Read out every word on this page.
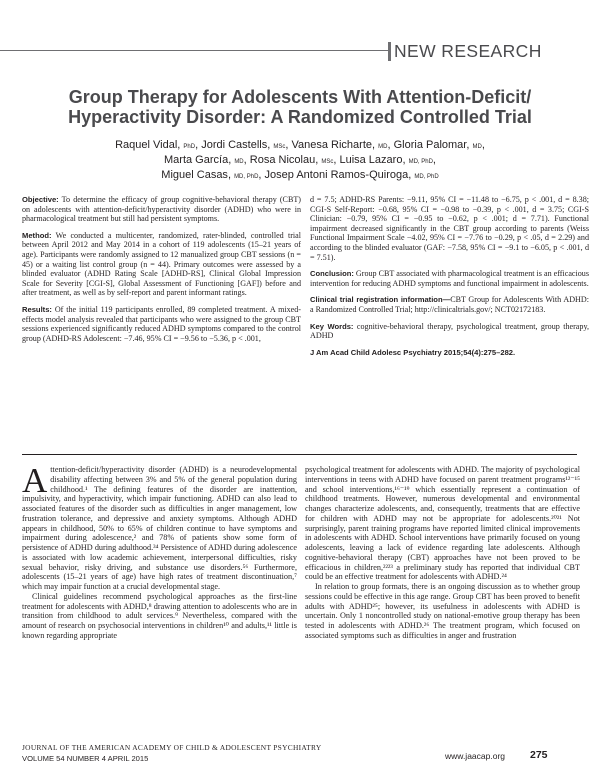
NEW RESEARCH
Group Therapy for Adolescents With Attention-Deficit/
Hyperactivity Disorder: A Randomized Controlled Trial
Raquel Vidal, PhD, Jordi Castells, MSc, Vanesa Richarte, MD, Gloria Palomar, MD,
Marta García, MD, Rosa Nicolau, MSc, Luisa Lazaro, MD, PhD,
Miguel Casas, MD, PhD, Josep Antoni Ramos-Quiroga, MD, PhD

Objective: To determine the efficacy of group cognitive-behavioral therapy (CBT) on adolescents with attention-deficit/hyperactivity disorder (ADHD) who were in pharmacological treatment but still had persistent symptoms.

Method: We conducted a multicenter, randomized, rater-blinded, controlled trial between April 2012 and May 2014 in a cohort of 119 adolescents (15–21 years of age). Participants were randomly assigned to 12 manualized group CBT sessions (n = 45) or a waiting list control group (n = 44). Primary outcomes were assessed by a blinded evaluator (ADHD Rating Scale [ADHD-RS], Clinical Global Impression Scale for Severity [CGI-S], Global Assessment of Functioning [GAF]) before and after treatment, as well as by self-report and parent informant ratings.

Results: Of the initial 119 participants enrolled, 89 completed treatment. A mixed-effects model analysis revealed that participants who were assigned to the group CBT sessions experienced significantly reduced ADHD symptoms compared to the control group (ADHD-RS Adolescent: −7.46, 95% CI = −9.56 to −5.36, p < .001,

d = 7.5; ADHD-RS Parents: −9.11, 95% CI = −11.48 to −6.75, p < .001, d = 8.38; CGI-S Self-Report: −0.68, 95% CI = −0.98 to −0.39, p < .001, d = 3.75; CGI-S Clinician: −0.79, 95% CI = −0.95 to −0.62, p < .001; d = 7.71). Functional impairment decreased significantly in the CBT group according to parents (Weiss Functional Impairment Scale −4.02, 95% CI = −7.76 to −0.29, p < .05, d = 2.29) and according to the blinded evaluator (GAF: −7.58, 95% CI = −9.1 to −6.05, p < .001, d = 7.51).

Conclusion: Group CBT associated with pharmacological treatment is an efficacious intervention for reducing ADHD symptoms and functional impairment in adolescents.

Clinical trial registration information—CBT Group for Adolescents With ADHD: a Randomized Controlled Trial; http://clinicaltrials.gov/; NCT02172183.

Key Words: cognitive-behavioral therapy, psychological treatment, group therapy, ADHD

J Am Acad Child Adolesc Psychiatry 2015;54(4):275–282.

Attention-deficit/hyperactivity disorder (ADHD) is a neurodevelopmental disability affecting between 3% and 5% of the general population during childhood.¹ The defining features of the disorder are inattention, impulsivity, and hyperactivity, which impair functioning. ADHD can also lead to associated features of the disorder such as difficulties in anger management, low frustration tolerance, and depressive and anxiety symptoms. Although ADHD appears in childhood, 50% to 65% of children continue to have symptoms and impairment during adolescence,² and 78% of patients show some form of persistence of ADHD during adulthood.³⁴ Persistence of ADHD during adolescence is associated with low academic achievement, interpersonal difficulties, risky sexual behavior, risky driving, and substance use disorders.⁵⁶ Furthermore, adolescents (15–21 years of age) have high rates of treatment discontinuation,⁷ which may impair function at a crucial developmental stage.

Clinical guidelines recommend psychological approaches as the first-line treatment for adolescents with ADHD,⁸ drawing attention to adolescents who are in transition from childhood to adult services.⁹ Nevertheless, compared with the amount of research on psychosocial interventions in children¹⁰ and adults,¹¹ little is known regarding appropriate

psychological treatment for adolescents with ADHD. The majority of psychological interventions in teens with ADHD have focused on parent treatment programs¹²⁻¹⁵ and school interventions,¹⁶⁻¹⁹ which essentially represent a continuation of childhood treatments. However, numerous developmental and environmental changes characterize adolescents, and, consequently, treatments that are effective for children with ADHD may not be appropriate for adolescents.²⁰²¹ Not surprisingly, parent training programs have reported limited clinical improvements in adolescents with ADHD. School interventions have primarily focused on young adolescents, leaving a lack of evidence regarding late adolescents. Although cognitive-behavioral therapy (CBT) approaches have not been proved to be efficacious in children,²²²³ a preliminary study has reported that individual CBT could be an effective treatment for adolescents with ADHD.²⁴

In relation to group formats, there is an ongoing discussion as to whether group sessions could be effective in this age range. Group CBT has been proved to benefit adults with ADHD²⁵; however, its usefulness in adolescents with ADHD is uncertain. Only 1 noncontrolled study on national-emotive group therapy has been tested in adolescents with ADHD.²⁶ The treatment program, which focused on associated symptoms such as difficulties in anger and frustration

JOURNAL OF THE AMERICAN ACADEMY OF CHILD & ADOLESCENT PSYCHIATRY
VOLUME 54 NUMBER 4 APRIL 2015	www.jaacap.org 275
